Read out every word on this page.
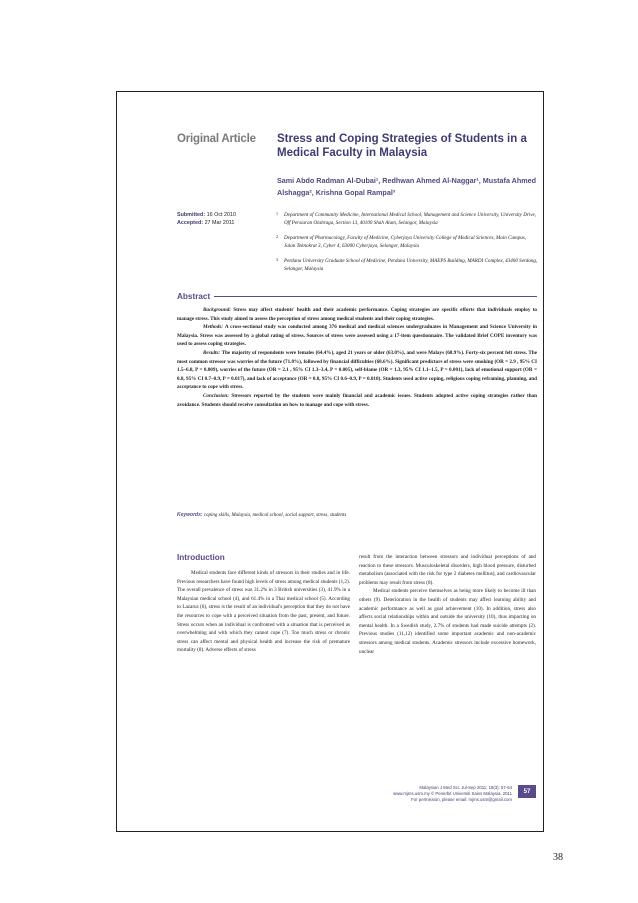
Original Article Stress and Coping Strategies of Students in a Medical Faculty in Malaysia
Sami Abdo Radman Al-Dubai¹, Redhwan Ahmed Al-Naggar¹, Mustafa Ahmed Alshagga², Krishna Gopal Rampal³
Submitted: 16 Oct 2010
Accepted: 27 Mar 2011
1 Department of Community Medicine, International Medical School, Management and Science University, University Drive, Off Persiaran Olahraga, Section 13, 40100 Shah Alam, Selangor, Malaysia
2 Department of Pharmacology, Faculty of Medicine, Cyberjaya University College of Medical Sciences, Main Campus, Jalan Teknokrat 3, Cyber 4, 63000 Cyberjaya, Selangor, Malaysia
3 Perdana University Graduate School of Medicine, Perdana University, MAEPS Building, MARDI Complex, 43400 Serdang, Selangor, Malaysia
Abstract

Background: Stress may affect students' health and their academic performance. Coping strategies are specific efforts that individuals employ to manage stress. This study aimed to assess the perception of stress among medical students and their coping strategies.

Methods: A cross-sectional study was conducted among 376 medical and medical sciences undergraduates in Management and Science University in Malaysia. Stress was assessed by a global rating of stress. Sources of stress were assessed using a 17-item questionnaire. The validated Brief COPE inventory was used to assess coping strategies.

Results: The majority of respondents were females (64.4%), aged 21 years or older (63.0%), and were Malays (68.9%). Forty-six percent felt stress. The most common stressor was worries of the future (71.0%), followed by financial difficulties (68.6%). Significant predictors of stress were smoking (OR = 2.9 , 95% CI 1.5–6.8, P = 0.009), worries of the future (OR = 2.1 , 95% CI 1.3–3.4, P = 0.005), self-blame (OR = 1.3, 95% CI 1.1–1.5, P = 0.001), lack of emotional support (OR = 0.8, 95% CI 0.7–0.9, P = 0.017), and lack of acceptance (OR = 0.8, 95% CI 0.6–0.9, P = 0.010). Students used active coping, religious coping reframing, planning, and acceptance to cope with stress.

Conclusion: Stressors reported by the students were mainly financial and academic issues. Students adopted active coping strategies rather than avoidance. Students should receive consultation on how to manage and cope with stress.

Keywords: coping skills, Malaysia, medical school, social support, stress, students
Introduction

Medical students face different kinds of stressors in their studies and in life. Previous researchers have found high levels of stress among medical students (1,2). The overall prevalence of stress was 31.2% in 3 British universities (3), 41.9% in a Malaysian medical school (4), and 61.4% in a Thai medical school (5). According to Lazarus (6), stress is the result of an individual's perception that they do not have the resources to cope with a perceived situation from the past, present, and future. Stress occurs when an individual is confronted with a situation that is perceived as overwhelming and with which they cannot cope (7). Too much stress or chronic stress can affect mental and physical health and increase the risk of premature mortality (8). Adverse effects of stress

result from the interaction between stressors and individual perceptions of and reaction to these stressors. Musculoskeletal disorders, high blood pressure, disturbed metabolism (associated with the risk for type 2 diabetes mellitus), and cardiovascular problems may result from stress (8).

Medical students perceive themselves as being more likely to become ill than others (9). Deterioration in the health of students may affect learning ability and academic performance as well as goal achievement (10). In addition, stress also affects social relationships within and outside the university (10), thus impacting on mental health. In a Swedish study, 2.7% of students had made suicide attempts (2). Previous studies (11,12) identified some important academic and non-academic stressors among medical students. Academic stressors include excessive homework, unclear

Malaysian J Med Sci. Jul-Sep 2011; 18(3): 57-64
www.mjms.usm.my © Penerbit Universiti Sains Malaysia, 2011
For permission, please email: mjms.usm@gmail.com
57
38
